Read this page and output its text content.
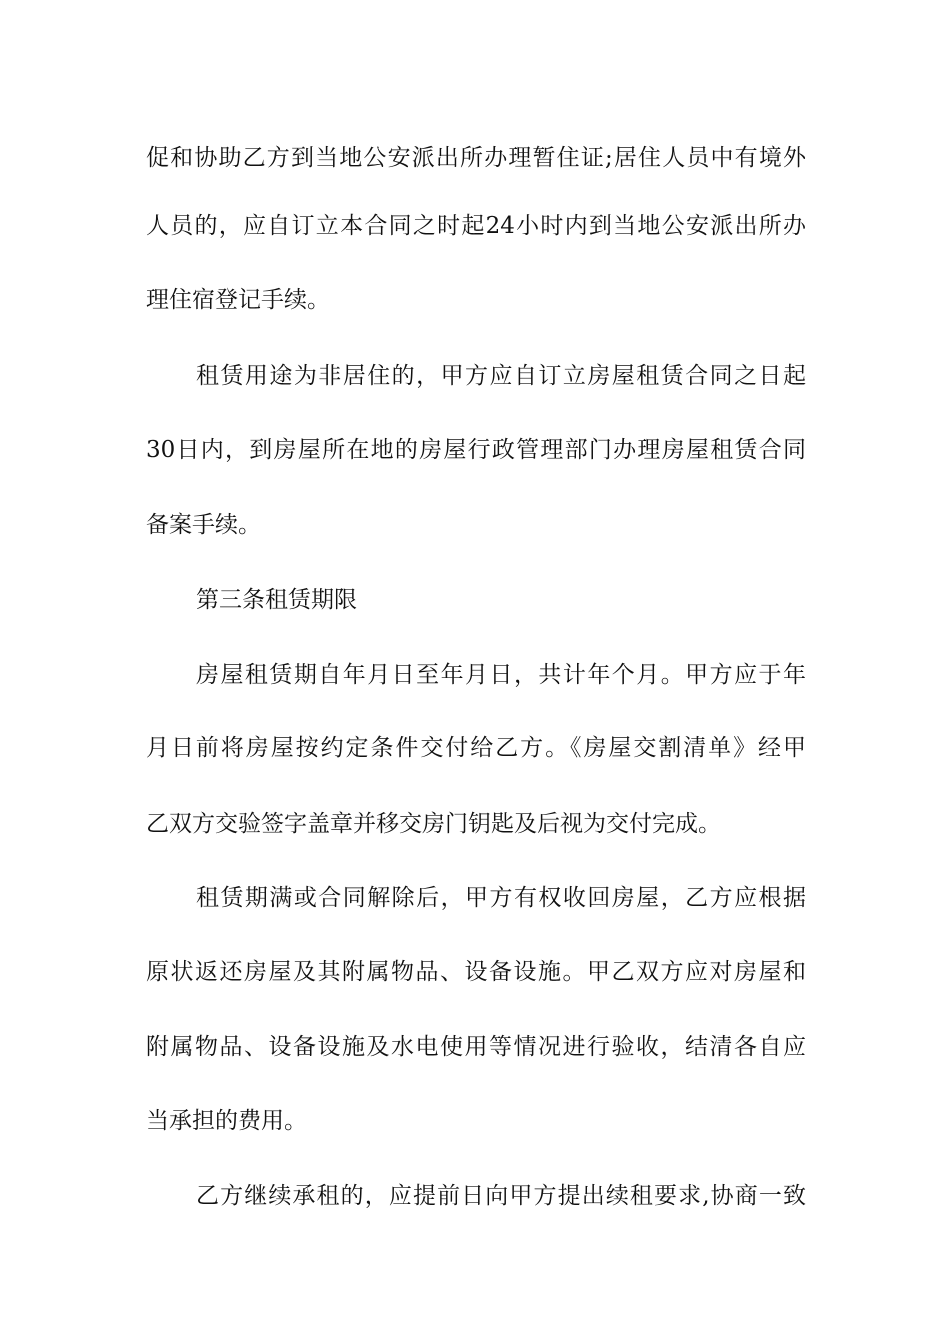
促和协助乙方到当地公安派出所办理暂住证;居住人员中有境外
人员的，应自订立本合同之时起24小时内到当地公安派出所办
理住宿登记手续。
租赁用途为非居住的，甲方应自订立房屋租赁合同之日起
30日内，到房屋所在地的房屋行政管理部门办理房屋租赁合同
备案手续。
第三条租赁期限
房屋租赁期自年月日至年月日，共计年个月。甲方应于年
月日前将房屋按约定条件交付给乙方。《房屋交割清单》经甲
乙双方交验签字盖章并移交房门钥匙及后视为交付完成。
租赁期满或合同解除后，甲方有权收回房屋，乙方应根据
原状返还房屋及其附属物品、设备设施。甲乙双方应对房屋和
附属物品、设备设施及水电使用等情况进行验收，结清各自应
当承担的费用。
乙方继续承租的，应提前日向甲方提出续租要求,协商一致
